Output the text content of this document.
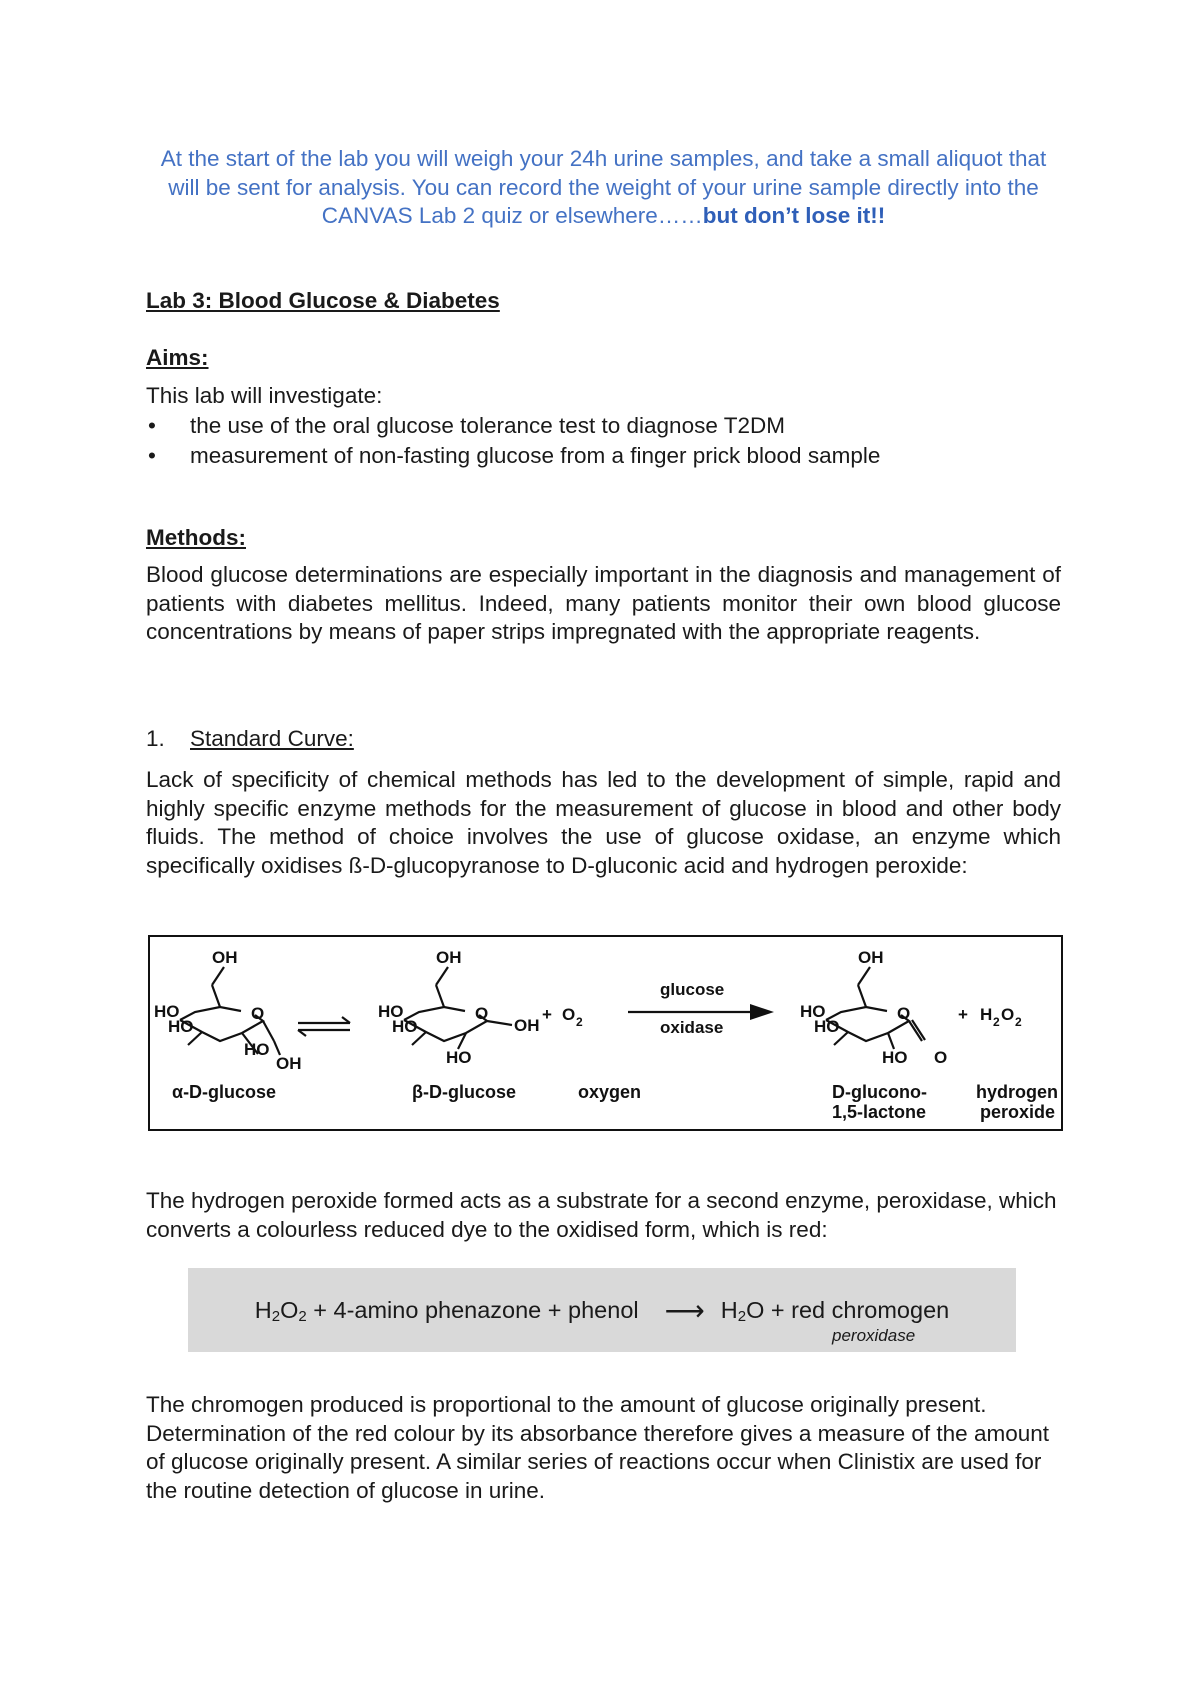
At the start of the lab you will weigh your 24h urine samples, and take a small aliquot that will be sent for analysis. You can record the weight of your urine sample directly into the CANVAS Lab 2 quiz or elsewhere……but don’t lose it!!
Lab 3: Blood Glucose & Diabetes
Aims:
This lab will investigate:
• the use of the oral glucose tolerance test to diagnose T2DM
• measurement of non-fasting glucose from a finger prick blood sample
Methods:
Blood glucose determinations are especially important in the diagnosis and management of patients with diabetes mellitus. Indeed, many patients monitor their own blood glucose concentrations by means of paper strips impregnated with the appropriate reagents.
1. Standard Curve:
Lack of specificity of chemical methods has led to the development of simple, rapid and highly specific enzyme methods for the measurement of glucose in blood and other body fluids. The method of choice involves the use of glucose oxidase, an enzyme which specifically oxidises ß-D-glucopyranose to D-gluconic acid and hydrogen peroxide:
OH
HO
HO
O
HO
OH
OH
HO
HO
O
HO
OH
+ O 2
glucose
oxidase
OH
HO
HO
O
HO O
+ H 2 O 2
α-D-glucose	β-D-glucose	oxygen	D-glucono-
1,5-lactone
hydrogen
peroxide
The hydrogen peroxide formed acts as a substrate for a second enzyme, peroxidase, which converts a colourless reduced dye to the oxidised form, which is red:
$H_2O_2 + 4-amino$ phenazone + phenol ⟶ $H_2O$ + red chromogen
peroxidase
The chromogen produced is proportional to the amount of glucose originally present. Determination of the red colour by its absorbance therefore gives a measure of the amount of glucose originally present. A similar series of reactions occur when Clinistix are used for the routine detection of glucose in urine.
